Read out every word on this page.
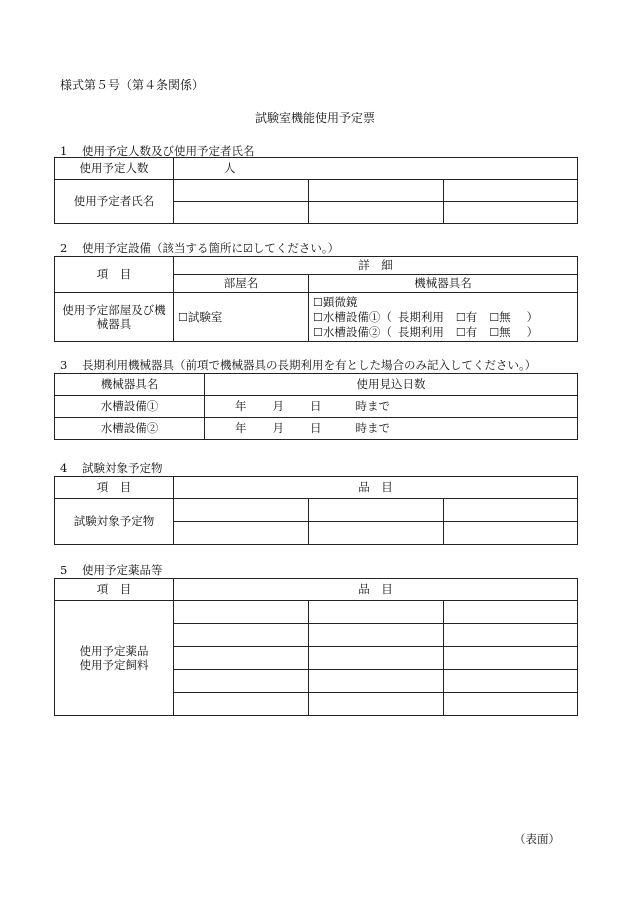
様式第５号（第４条関係）
試験室機能使用予定票
1 使用予定人数及び使用予定者氏名
使用予定人数	人		
使用予定者氏名			

2 使用予定設備（該当する箇所に☑してください。）
項　目	詳　細	
	部屋名	機械器具名
使用予定部屋及び機械器具	☐試験室	☐顕微鏡
☐水槽設備①（ 長期利用 ☐有 ☐無 ）
☐水槽設備②（ 長期利用 ☐有 ☐無 ）
3 長期利用機械器具（前項で機械器具の長期利用を有とした場合のみ記入してください。）
機械器具名	使用見込日数
水槽設備①	年 月 日 時まで
水槽設備②	年 月 日 時まで
4 試験対象予定物
項　目	品　目		
試験対象予定物			

5 使用予定薬品等
項　目	品　目		

使用予定薬品
使用予定飼料			

（表面）
